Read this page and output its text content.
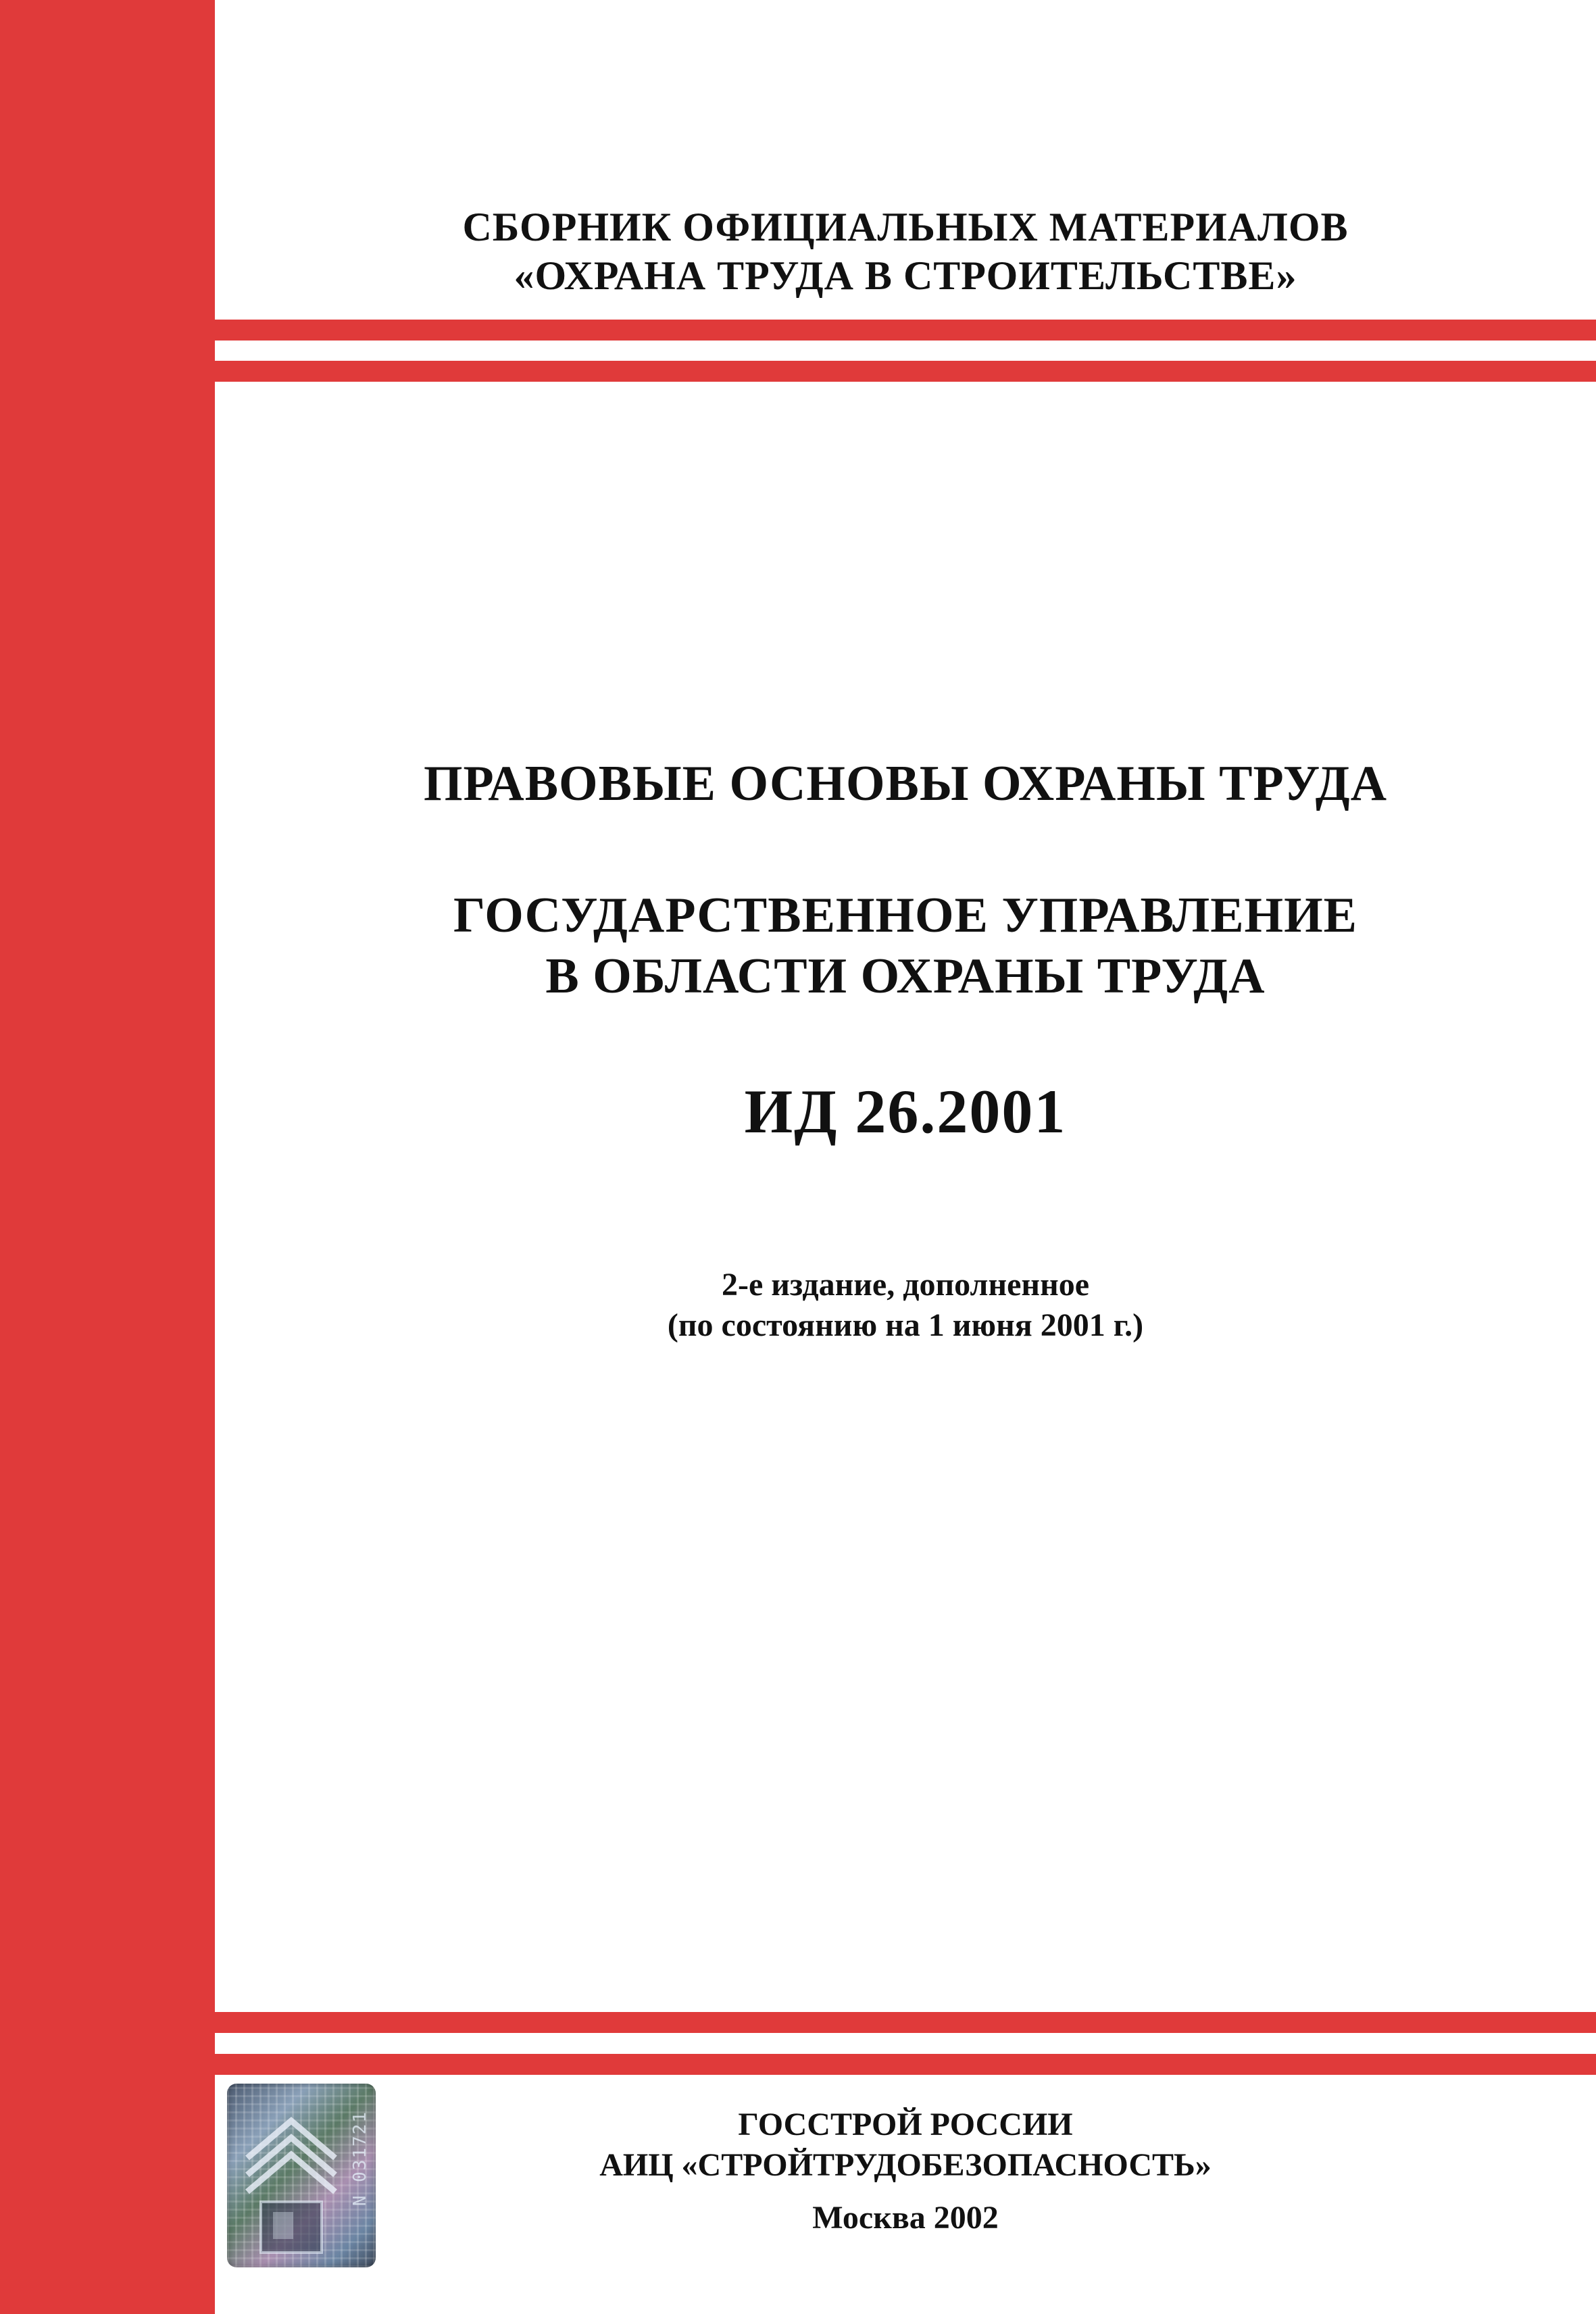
СБОРНИК ОФИЦИАЛЬНЫХ МАТЕРИАЛОВ
«ОХРАНА ТРУДА В СТРОИТЕЛЬСТВЕ»
ПРАВОВЫЕ ОСНОВЫ ОХРАНЫ ТРУДА
ГОСУДАРСТВЕННОЕ УПРАВЛЕНИЕ
В ОБЛАСТИ ОХРАНЫ ТРУДА
ИД 26.2001
2-е издание, дополненное
(по состоянию на 1 июня 2001 г.)
N 031721	ГОССТРОЙ РОССИИ
АИЦ «СТРОЙТРУДОБЕЗОПАСНОСТЬ»
Москва 2002
